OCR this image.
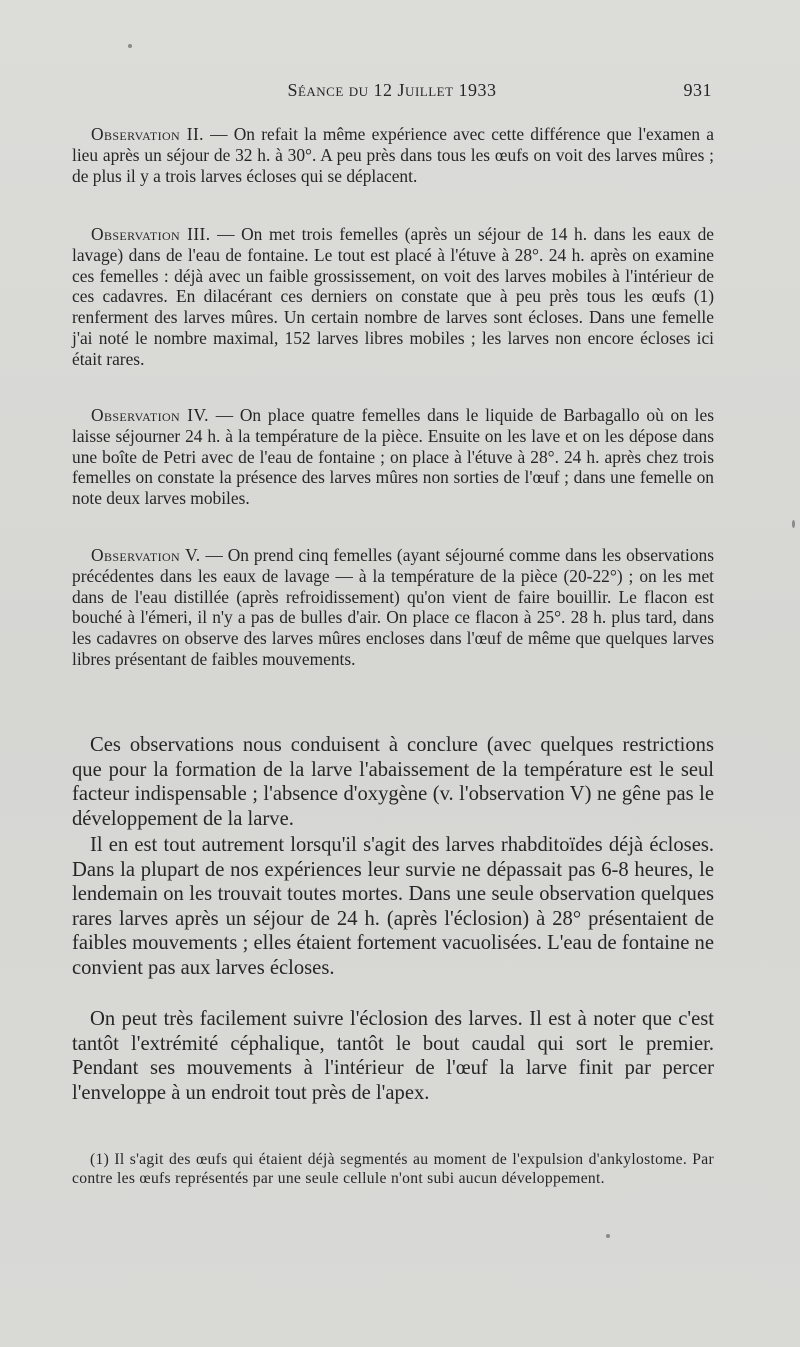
Séance du 12 Juillet 1933	931

Observation II. — On refait la même expérience avec cette différence que l'examen a lieu après un séjour de 32 h. à 30°. A peu près dans tous les œufs on voit des larves mûres ; de plus il y a trois larves écloses qui se déplacent.

Observation III. — On met trois femelles (après un séjour de 14 h. dans les eaux de lavage) dans de l'eau de fontaine. Le tout est placé à l'étuve à 28°. 24 h. après on examine ces femelles : déjà avec un faible grossissement, on voit des larves mobiles à l'intérieur de ces cadavres. En dilacérant ces derniers on constate que à peu près tous les œufs (1) renferment des larves mûres. Un certain nombre de larves sont écloses. Dans une femelle j'ai noté le nombre maximal, 152 larves libres mobiles ; les larves non encore écloses ici était rares.

Observation IV. — On place quatre femelles dans le liquide de Barbagallo où on les laisse séjourner 24 h. à la température de la pièce. Ensuite on les lave et on les dépose dans une boîte de Petri avec de l'eau de fontaine ; on place à l'étuve à 28°. 24 h. après chez trois femelles on constate la présence des larves mûres non sorties de l'œuf ; dans une femelle on note deux larves mobiles.

Observation V. — On prend cinq femelles (ayant séjourné comme dans les observations précédentes dans les eaux de lavage — à la température de la pièce (20-22°) ; on les met dans de l'eau distillée (après refroidissement) qu'on vient de faire bouillir. Le flacon est bouché à l'émeri, il n'y a pas de bulles d'air. On place ce flacon à 25°. 28 h. plus tard, dans les cadavres on observe des larves mûres encloses dans l'œuf de même que quelques larves libres présentant de faibles mouvements.

Ces observations nous conduisent à conclure (avec quelques restrictions que pour la formation de la larve l'abaissement de la température est le seul facteur indispensable ; l'absence d'oxygène (v. l'observation V) ne gêne pas le développement de la larve.

Il en est tout autrement lorsqu'il s'agit des larves rhabditoïdes déjà écloses. Dans la plupart de nos expériences leur survie ne dépassait pas 6-8 heures, le lendemain on les trouvait toutes mortes. Dans une seule observation quelques rares larves après un séjour de 24 h. (après l'éclosion) à 28° présentaient de faibles mouvements ; elles étaient fortement vacuolisées. L'eau de fontaine ne convient pas aux larves écloses.

On peut très facilement suivre l'éclosion des larves. Il est à noter que c'est tantôt l'extrémité céphalique, tantôt le bout caudal qui sort le premier. Pendant ses mouvements à l'intérieur de l'œuf la larve finit par percer l'enveloppe à un endroit tout près de l'apex.

(1) Il s'agit des œufs qui étaient déjà segmentés au moment de l'expulsion d'ankylostome. Par contre les œufs représentés par une seule cellule n'ont subi aucun développement.
